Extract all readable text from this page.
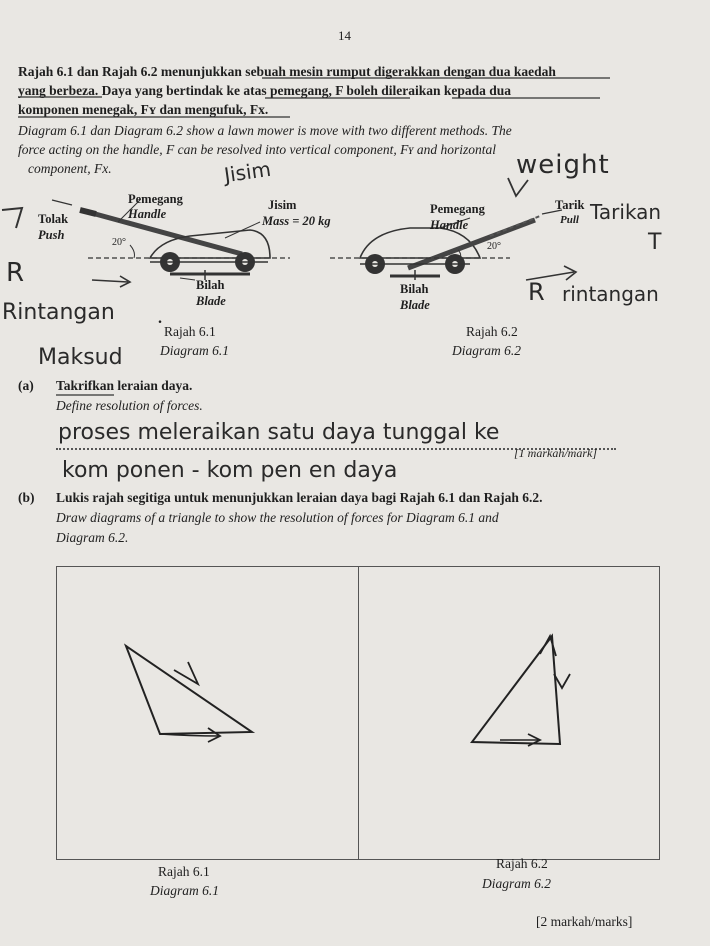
14
Rajah 6.1 dan Rajah 6.2 menunjukkan sebuah mesin rumput digerakkan dengan dua kaedah
yang berbeza. Daya yang bertindak ke atas pemegang, F boleh dileraikan kepada dua
komponen menegak, Fʏ dan mengufuk, Fx.
Diagram 6.1 dan Diagram 6.2 show a lawn mower is move with two different methods. The
force acting on the handle, F can be resolved into vertical component, Fʏ and horizontal
component, Fx.	weight
Jisim
Tolak
Push
Pemegang
Handle
Jisim
Mass = 20 kg
20°
Bilah
Blade
.
Rajah 6.1
Diagram 6.1
R
Rintangan
Maksud
Pemegang
Handle
Tarik
Pull
20°
Bilah
Blade
Rajah 6.2
Diagram 6.2
Tarikan
T
R rintangan
(a) Takrifkan leraian daya.
Define resolution of forces.
proses meleraikan satu daya tunggal ke
[1 markah/mark]
kom ponen - kom pen en daya
(b) Lukis rajah segitiga untuk menunjukkan leraian daya bagi Rajah 6.1 dan Rajah 6.2.
Draw diagrams of a triangle to show the resolution of forces for Diagram 6.1 and
Diagram 6.2.
Rajah 6.1
Diagram 6.1
Rajah 6.2
Diagram 6.2
[2 markah/marks]
